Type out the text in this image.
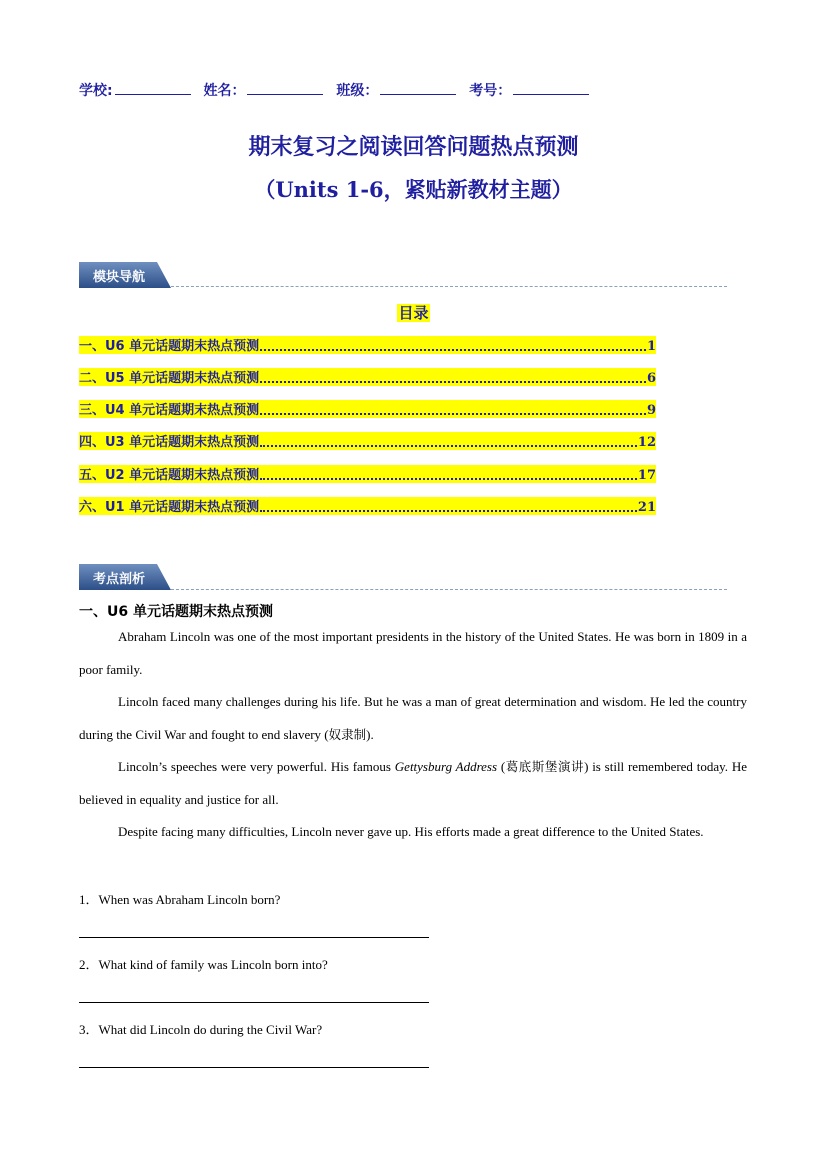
学校:	姓名：	班级：	考号：
期末复习之阅读回答问题热点预测
（Units 1-6，紧贴新教材主题）
模块导航
目录
一、U6 单元话题期末热点预测	1
二、U5 单元话题期末热点预测	6
三、U4 单元话题期末热点预测	9
四、U3 单元话题期末热点预测	12
五、U2 单元话题期末热点预测	17
六、U1 单元话题期末热点预测	21
考点剖析
一、U6 单元话题期末热点预测
Abraham Lincoln was one of the most important presidents in the history of the United States. He was born in 1809 in a poor family.
Lincoln faced many challenges during his life. But he was a man of great determination and wisdom. He led the country during the Civil War and fought to end slavery (奴隶制).
Lincoln’s speeches were very powerful. His famous Gettysburg Address (葛底斯堡演讲) is still remembered today. He believed in equality and justice for all.
Despite facing many difficulties, Lincoln never gave up. His efforts made a great difference to the United States.
1．When was Abraham Lincoln born?
2．What kind of family was Lincoln born into?
3．What did Lincoln do during the Civil War?
